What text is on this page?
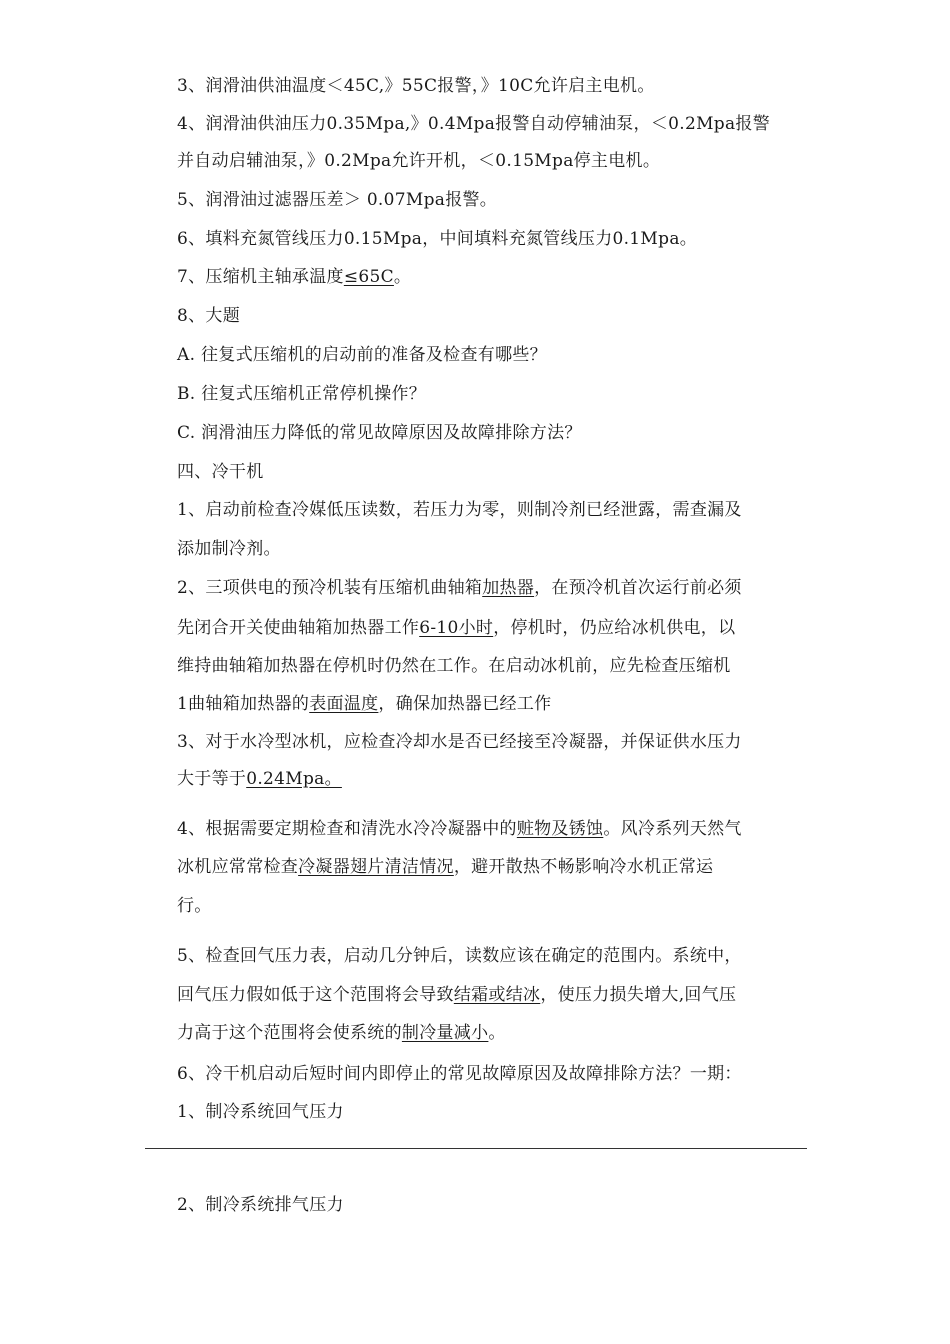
3、润滑油供油温度＜45C,》55C报警，》10C允许启主电机。
4、润滑油供油压力0.35Mpa,》0.4Mpa报警自动停辅油泵，＜0.2Mpa报警
并自动启辅油泵，》0.2Mpa允许开机，＜0.15Mpa停主电机。
5、润滑油过滤器压差＞ 0.07Mpa报警。
6、填料充氮管线压力0.15Mpa，中间填料充氮管线压力0.1Mpa。
7、压缩机主轴承温度≤65C。
8、大题
A. 往复式压缩机的启动前的准备及检查有哪些？
B. 往复式压缩机正常停机操作？
C. 润滑油压力降低的常见故障原因及故障排除方法？
四、冷干机
1、启动前检查冷媒低压读数，若压力为零，则制冷剂已经泄露，需查漏及
添加制冷剂。
2、三项供电的预冷机装有压缩机曲轴箱加热器，在预冷机首次运行前必须
先闭合开关使曲轴箱加热器工作6-10小时，停机时，仍应给冰机供电，以
维持曲轴箱加热器在停机时仍然在工作。在启动冰机前，应先检查压缩机
1曲轴箱加热器的表面温度，确保加热器已经工作
3、对于水冷型冰机，应检查冷却水是否已经接至冷凝器，并保证供水压力
大于等于0.24Mpa。
4、根据需要定期检查和清洗水冷冷凝器中的赃物及锈蚀。风冷系列天然气
冰机应常常检查冷凝器翅片清洁情况，避开散热不畅影响冷水机正常运
行。
5、检查回气压力表，启动几分钟后，读数应该在确定的范围内。系统中，
回气压力假如低于这个范围将会导致结霜或结冰，使压力损失增大,回气压
力高于这个范围将会使系统的制冷量减小。
6、冷干机启动后短时间内即停止的常见故障原因及故障排除方法？一期：
1、制冷系统回气压力
2、制冷系统排气压力
